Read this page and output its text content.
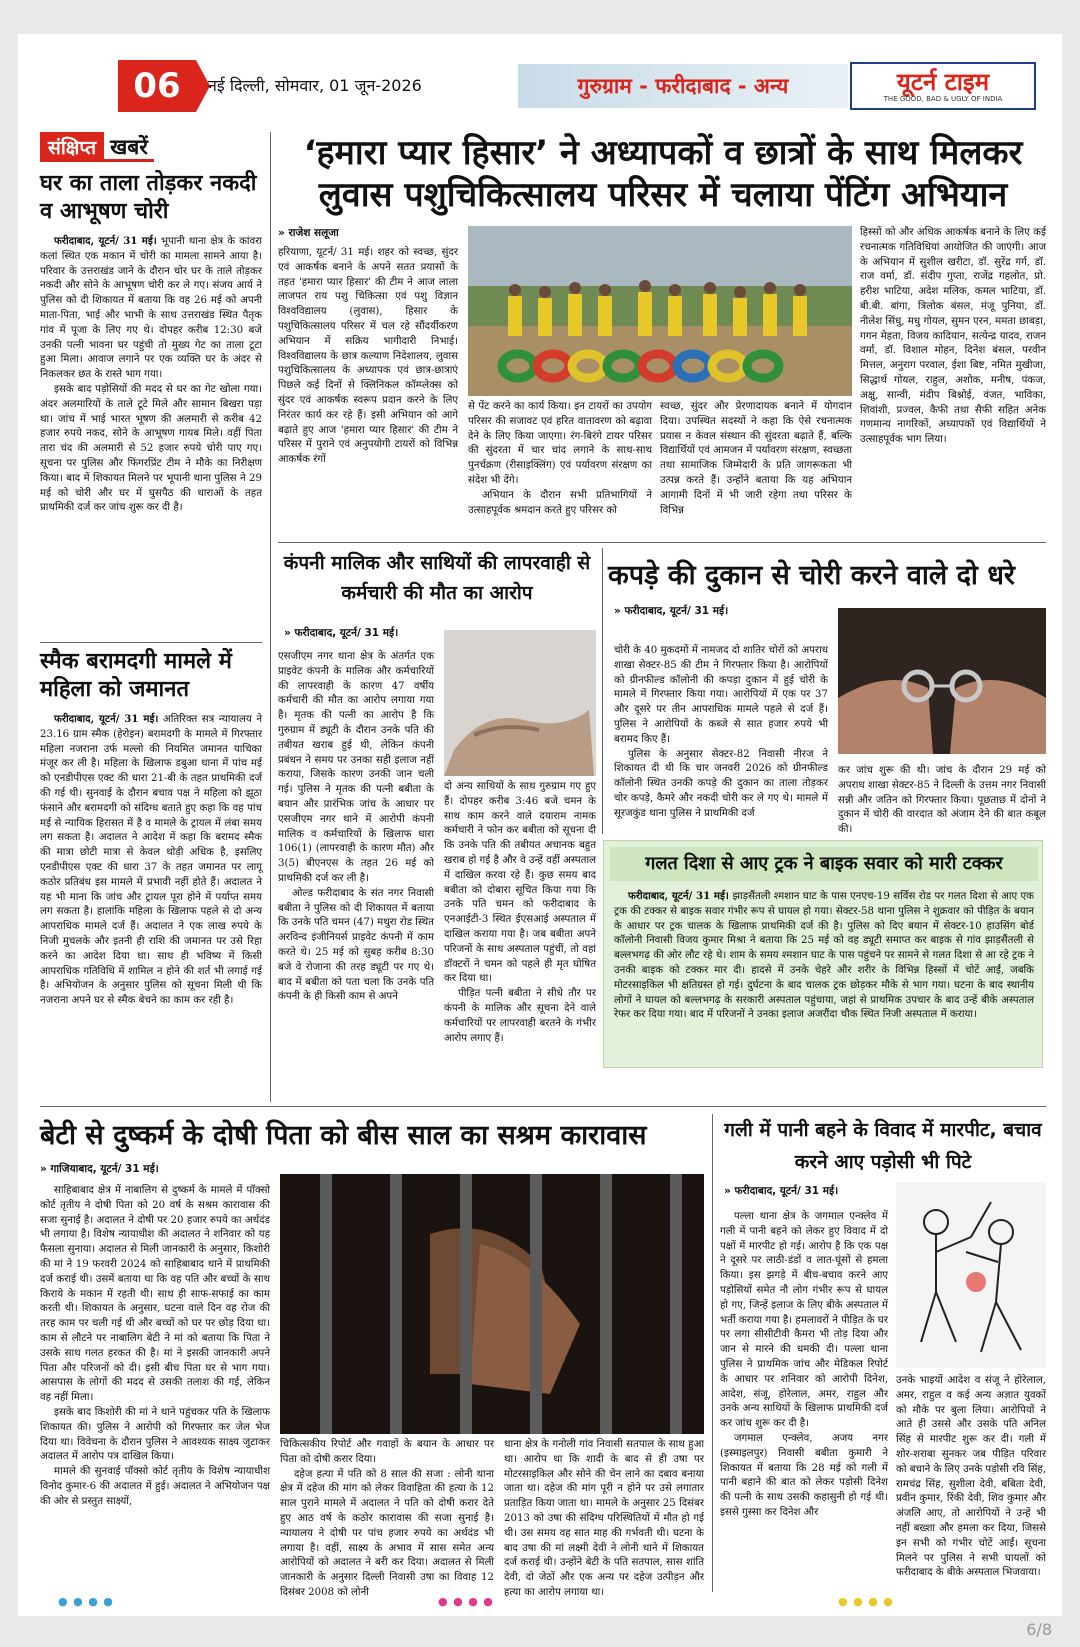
06	नई दिल्ली, सोमवार, 01 जून-2026	गुरुग्राम - फरीदाबाद - अन्य	यूटर्न टाइम
THE GOOD, BAD & UGLY OF INDIA
संक्षिप्त खबरें
घर का ताला तोड़कर नकदी व आभूषण चोरी

फरीदाबाद, यूटर्न/ 31 मई। भूपानी थाना क्षेत्र के कांवरा कलां स्थित एक मकान में चोरी का मामला सामने आया है। परिवार के उत्तराखंड जाने के दौरान चोर घर के ताले तोड़कर नकदी और सोने के आभूषण चोरी कर ले गए। संजय आर्य ने पुलिस को दी शिकायत में बताया कि वह 26 मई को अपनी माता-पिता, भाई और भाभी के साथ उत्तराखंड स्थित पैतृक गांव में पूजा के लिए गए थे। दोपहर करीब 12:30 बजे उनकी पत्नी भावना घर पहुंची तो मुख्य गेट का ताला टूटा हुआ मिला। आवाज लगाने पर एक व्यक्ति घर के अंदर से निकलकर छत के रास्ते भाग गया।

इसके बाद पड़ोसियों की मदद से घर का गेट खोला गया। अंदर अलमारियों के ताले टूटे मिले और सामान बिखरा पड़ा था। जांच में भाई भारत भूषण की अलमारी से करीब 42 हजार रुपये नकद, सोने के आभूषण गायब मिले। वहीं पिता तारा चंद की अलमारी से 52 हजार रुपये चोरी पाए गए। सूचना पर पुलिस और फिंगरप्रिंट टीम ने मौके का निरीक्षण किया। बाद में शिकायत मिलने पर भूपानी थाना पुलिस ने 29 मई को चोरी और घर में घुसपैठ की धाराओं के तहत प्राथमिकी दर्ज कर जांच शुरू कर दी है।

स्मैक बरामदगी मामले में महिला को जमानत

फरीदाबाद, यूटर्न/ 31 मई। अतिरिक्त सत्र न्यायालय ने 23.16 ग्राम स्मैक (हेरोइन) बरामदगी के मामले में गिरफ्तार महिला नजराना उर्फ मल्लो की नियमित जमानत याचिका मंजूर कर ली है। महिला के खिलाफ डबुआ थाना में पांच मई को एनडीपीएस एक्ट की धारा 21-बी के तहत प्राथमिकी दर्ज की गई थी। सुनवाई के दौरान बचाव पक्ष ने महिला को झूठा फंसाने और बरामदगी को संदिग्ध बताते हुए कहा कि वह पांच मई से न्यायिक हिरासत में है व मामले के ट्रायल में लंबा समय लग सकता है। अदालत ने आदेश में कहा कि बरामद स्मैक की मात्रा छोटी मात्रा से केवल थोड़ी अधिक है, इसलिए एनडीपीएस एक्ट की धारा 37 के तहत जमानत पर लागू कठोर प्रतिबंध इस मामले में प्रभावी नहीं होते हैं। अदालत ने यह भी माना कि जांच और ट्रायल पूरा होने में पर्याप्त समय लग सकता है। हालांकि महिला के खिलाफ पहले से दो अन्य आपराधिक मामले दर्ज हैं। अदालत ने एक लाख रुपये के निजी मुचलके और इतनी ही राशि की जमानत पर उसे रिहा करने का आदेश दिया था। साथ ही भविष्य में किसी आपराधिक गतिविधि में शामिल न होने की शर्त भी लगाई गई है। अभियोजन के अनुसार पुलिस को सूचना मिली थी कि नजराना अपने घर से स्मैक बेचने का काम कर रही है।

‘हमारा प्यार हिसार’ ने अध्यापकों व छात्रों के साथ मिलकर लुवास पशुचिकित्सालय परिसर में चलाया पेंटिंग अभियान
» राजेश सलूजा
हरियाणा, यूटर्न/ 31 मई। शहर को स्वच्छ, सुंदर एवं आकर्षक बनाने के अपने सतत प्रयासों के तहत 'हमारा प्यार हिसार' की टीम ने आज लाला लाजपत राय पशु चिकित्सा एवं पशु विज्ञान विश्वविद्यालय (लुवास), हिसार के पशुचिकित्सालय परिसर में चल रहे सौंदर्यीकरण अभियान में सक्रिय भागीदारी निभाई। विश्वविद्यालय के छात्र कल्याण निदेशालय, लुवास पशुचिकित्सालय के अध्यापक एवं छात्र-छात्राएं पिछले कई दिनों से क्लिनिकल कॉम्प्लेक्स को सुंदर एवं आकर्षक स्वरूप प्रदान करने के लिए निरंतर कार्य कर रहे हैं। इसी अभियान को आगे बढ़ाते हुए आज 'हमारा प्यार हिसार' की टीम ने परिसर में पुराने एवं अनुपयोगी टायरों को विभिन्न आकर्षक रंगों
से पेंट करने का कार्य किया। इन टायरों का उपयोग परिसर की सजावट एवं हरित वातावरण को बढ़ावा देने के लिए किया जाएगा। रंग-बिरंगे टायर परिसर की सुंदरता में चार चांद लगाने के साथ-साथ पुनर्चक्रण (रीसाइक्लिंग) एवं पर्यावरण संरक्षण का संदेश भी देंगे।

अभियान के दौरान सभी प्रतिभागियों ने उत्साहपूर्वक श्रमदान करते हुए परिसर को

स्वच्छ, सुंदर और प्रेरणादायक बनाने में योगदान दिया। उपस्थित सदस्यों ने कहा कि ऐसे रचनात्मक प्रयास न केवल संस्थान की सुंदरता बढ़ाते हैं, बल्कि विद्यार्थियों एवं आमजन में पर्यावरण संरक्षण, स्वच्छता तथा सामाजिक जिम्मेदारी के प्रति जागरूकता भी उत्पन्न करते हैं। उन्होंने बताया कि यह अभियान आगामी दिनों में भी जारी रहेगा तथा परिसर के विभिन्न
हिस्सों को और अधिक आकर्षक बनाने के लिए कई रचनात्मक गतिविधियां आयोजित की जाएंगी। आज के अभियान में सुशील खरीटा, डॉ. सुरेंद्र गर्ग, डॉ. राज वर्मा, डॉ. संदीप गुप्ता, राजेंद्र गहलोत, प्रो. हरीश भाटिया, अदेश मलिक, कमल भाटिया, डॉ. बी.बी. बांगा, त्रिलोक बंसल, मंजू पुनिया, डॉ. नीलेश सिंधु, मधु गोयल, सुमन एरन, ममता छाबड़ा, गगन मेहता, विजय कादियान, सत्येन्द्र यादव, राजन वर्मा, डॉ. विशाल मोहन, दिनेश बंसल, परवीन मित्तल, अनुराग परवाल, ईशा बिष्ट, नमित मुखीजा, सिद्धार्थ गोयल, राहुल, अशोक, मनीष, पंकज, अक्षु, सान्वी, मंदीप बिश्नोई, वंजत, भाविका, शिवांशी, प्रज्वल, कैफी तथा सैफी सहित अनेक गणमान्य नागरिकों, अध्यापकों एवं विद्यार्थियों ने उत्साहपूर्वक भाग लिया।
कंपनी मालिक और साथियों की लापरवाही से कर्मचारी की मौत का आरोप
» फरीदाबाद, यूटर्न/ 31 मई।
एसजीएम नगर थाना क्षेत्र के अंतर्गत एक प्राइवेट कंपनी के मालिक और कर्मचारियों की लापरवाही के कारण 47 वर्षीय कर्मचारी की मौत का आरोप लगाया गया है। मृतक की पत्नी का आरोप है कि गुरुग्राम में ड्यूटी के दौरान उनके पति की तबीयत खराब हुई थी, लेकिन कंपनी प्रबंधन ने समय पर उनका सही इलाज नहीं कराया, जिसके कारण उनकी जान चली गई। पुलिस ने मृतक की पत्नी बबीता के बयान और प्रारंभिक जांच के आधार पर एसजीएम नगर थाने में आरोपी कंपनी मालिक व कर्मचारियों के खिलाफ धारा 106(1) (लापरवाही के कारण मौत) और 3(5) बीएनएस के तहत 26 मई को प्राथमिकी दर्ज कर ली है।

ओल्ड फरीदाबाद के संत नगर निवासी बबीता ने पुलिस को दी शिकायत में बताया कि उनके पति चमन (47) मथुरा रोड स्थित अरविन्द इंजीनियर्स प्राइवेट कंपनी में काम करते थे। 25 मई को सुबह करीब 8:30 बजे वे रोजाना की तरह ड्यूटी पर गए थे। बाद में बबीता को पता चला कि उनके पति कंपनी के ही किसी काम से अपने

दो अन्य साथियों के साथ गुरुग्राम गए हुए हैं। दोपहर करीब 3:46 बजे चमन के साथ काम करने वाले दयाराम नामक कर्मचारी ने फोन कर बबीता को सूचना दी कि उनके पति की तबीयत अचानक बहुत खराब हो गई है और वे उन्हें वहीं अस्पताल में दाखिल करवा रहे हैं। कुछ समय बाद बबीता को दोबारा सूचित किया गया कि उनके पति चमन को फरीदाबाद के एनआईटी-3 स्थित ईएसआई अस्पताल में दाखिल कराया गया है। जब बबीता अपने परिजनों के साथ अस्पताल पहुंचीं, तो वहां डॉक्टरों ने चमन को पहले ही मृत घोषित कर दिया था।

पीड़ित पत्नी बबीता ने सीधे तौर पर कंपनी के मालिक और सूचना देने वाले कर्मचारियों पर लापरवाही बरतने के गंभीर आरोप लगाए हैं।

कपड़े की दुकान से चोरी करने वाले दो धरे
» फरीदाबाद, यूटर्न/ 31 मई।
चोरी के 40 मुकदमों में नामजद दो शातिर चोरों को अपराध शाखा सेक्टर-85 की टीम ने गिरफ्तार किया है। आरोपियों को ग्रीनफील्ड कॉलोनी की कपड़ा दुकान में हुई चोरी के मामले में गिरफ्तार किया गया। आरोपियों में एक पर 37 और दूसरे पर तीन आपराधिक मामले पहले से दर्ज हैं। पुलिस ने आरोपियों के कब्जे से सात हजार रुपये भी बरामद किए हैं।

पुलिस के अनुसार सेक्टर-82 निवासी नीरज ने शिकायत दी थी कि चार जनवरी 2026 को ग्रीनफील्ड कॉलोनी स्थित उनकी कपड़े की दुकान का ताला तोड़कर चोर कपड़े, कैमरे और नकदी चोरी कर ले गए थे। मामले में सूरजकुंड थाना पुलिस ने प्राथमिकी दर्ज

कर जांच शुरू की थी। जांच के दौरान 29 मई को अपराध शाखा सेक्टर-85 ने दिल्ली के उत्तम नगर निवासी सन्नी और जतिन को गिरफ्तार किया। पूछताछ में दोनों ने दुकान में चोरी की वारदात को अंजाम देने की बात कबूल की।
गलत दिशा से आए ट्रक ने बाइक सवार को मारी टक्कर

फरीदाबाद, यूटर्न/ 31 मई। झाड़सैंतली श्मशान घाट के पास एनएच-19 सर्विस रोड पर गलत दिशा से आए एक ट्रक की टक्कर से बाइक सवार गंभीर रूप से घायल हो गया। सेक्टर-58 थाना पुलिस ने शुक्रवार को पीड़ित के बयान के आधार पर ट्रक चालक के खिलाफ प्राथमिकी दर्ज की है। पुलिस को दिए बयान में सेक्टर-10 हाउसिंग बोर्ड कॉलोनी निवासी विजय कुमार मिश्रा ने बताया कि 25 मई को वह ड्यूटी समाप्त कर बाइक से गांव झाड़सैंतली से बल्लभगढ़ की ओर लौट रहे थे। शाम के समय श्मशान घाट के पास पहुंचने पर सामने से गलत दिशा से आ रहे ट्रक ने उनकी बाइक को टक्कर मार दी। हादसे में उनके चेहरे और शरीर के विभिन्न हिस्सों में चोटें आईं, जबकि मोटरसाइकिल भी क्षतिग्रस्त हो गई। दुर्घटना के बाद चालक ट्रक छोड़कर मौके से भाग गया। घटना के बाद स्थानीय लोगों ने घायल को बल्लभगढ़ के सरकारी अस्पताल पहुंचाया, जहां से प्राथमिक उपचार के बाद उन्हें बीके अस्पताल रेफर कर दिया गया। बाद में परिजनों ने उनका इलाज अजरौंदा चौक स्थित निजी अस्पताल में कराया।

बेटी से दुष्कर्म के दोषी पिता को बीस साल का सश्रम कारावास
» गाजियाबाद, यूटर्न/ 31 मई।

साहिबाबाद क्षेत्र में नाबालिग से दुष्कर्म के मामले में पॉक्सो कोर्ट तृतीय ने दोषी पिता को 20 वर्ष के सश्रम कारावास की सजा सुनाई है। अदालत ने दोषी पर 20 हजार रुपये का अर्थदंड भी लगाया है। विशेष न्यायाधीश की अदालत ने शनिवार को यह फैसला सुनाया। अदालत से मिली जानकारी के अनुसार, किशोरी की मां ने 19 फरवरी 2024 को साहिबाबाद थाने में प्राथमिकी दर्ज कराई थी। उसमें बताया था कि वह पति और बच्चों के साथ किराये के मकान में रहती थी। साथ ही साफ-सफाई का काम करती थी। शिकायत के अनुसार, घटना वाले दिन वह रोज की तरह काम पर चली गई थी और बच्चों को घर पर छोड़ दिया था। काम से लौटने पर नाबालिग बेटी ने मां को बताया कि पिता ने उसके साथ गलत हरकत की है। मां ने इसकी जानकारी अपने पिता और परिजनों को दी। इसी बीच पिता घर से भाग गया। आसपास के लोगों की मदद से उसकी तलाश की गई, लेकिन वह नहीं मिला।

इसके बाद किशोरी की मां ने थाने पहुंचकर पति के खिलाफ शिकायत की। पुलिस ने आरोपी को गिरफ्तार कर जेल भेज दिया था। विवेचना के दौरान पुलिस ने आवश्यक साक्ष्य जुटाकर अदालत में आरोप पत्र दाखिल किया।

मामले की सुनवाई पॉक्सो कोर्ट तृतीय के विशेष न्यायाधीश विनोद कुमार-6 की अदालत में हुई। अदालत ने अभियोजन पक्ष की ओर से प्रस्तुत साक्ष्यों,

चिकित्सकीय रिपोर्ट और गवाहों के बयान के आधार पर पिता को दोषी करार दिया।

दहेज हत्या में पति को 8 साल की सजा : लोनी थाना क्षेत्र में दहेज की मांग को लेकर विवाहिता की हत्या के 12 साल पुराने मामले में अदालत ने पति को दोषी करार देते हुए आठ वर्ष के कठोर कारावास की सजा सुनाई है। न्यायालय ने दोषी पर पांच हजार रुपये का अर्थदंड भी लगाया है। वहीं, साक्ष्य के अभाव में सास समेत अन्य आरोपियों को अदालत ने बरी कर दिया। अदालत से मिली जानकारी के अनुसार दिल्ली निवासी उषा का विवाह 12 दिसंबर 2008 को लोनी

थाना क्षेत्र के गनोली गांव निवासी सतपाल के साथ हुआ था। आरोप था कि शादी के बाद से ही उषा पर मोटरसाइकिल और सोने की चेन लाने का दबाव बनाया जाता था। दहेज की मांग पूरी न होने पर उसे लगातार प्रताड़ित किया जाता था। मामले के अनुसार 25 दिसंबर 2013 को उषा की संदिग्ध परिस्थितियों में मौत हो गई थी। उस समय वह सात माह की गर्भवती थी। घटना के बाद उषा की मां लक्ष्मी देवी ने लोनी थाने में शिकायत दर्ज कराई थी। उन्होंने बेटी के पति सतपाल, सास शांति देवी, दो जेठों और एक अन्य पर दहेज उत्पीड़न और हत्या का आरोप लगाया था।
गली में पानी बहने के विवाद में मारपीट, बचाव करने आए पड़ोसी भी पिटे
» फरीदाबाद, यूटर्न/ 31 मई।

पल्ला थाना क्षेत्र के जगमाल एन्क्लेव में गली में पानी बहने को लेकर हुए विवाद में दो पक्षों में मारपीट हो गई। आरोप है कि एक पक्ष ने दूसरे पर लाठी-डंडों व लात-घूंसों से हमला किया। इस झगड़े में बीच-बचाव करने आए पड़ोसियों समेत नौ लोग गंभीर रूप से घायल हो गए, जिन्हें इलाज के लिए बीके अस्पताल में भर्ती कराया गया है। हमलावरों ने पीड़ित के घर पर लगा सीसीटीवी कैमरा भी तोड़ दिया और जान से मारने की धमकी दी। पल्ला थाना पुलिस ने प्राथमिक जांच और मेडिकल रिपोर्ट के आधार पर शनिवार को आरोपी दिनेश, आदेश, संजू, होरेलाल, अमर, राहुल और उनके अन्य साथियों के खिलाफ प्राथमिकी दर्ज कर जांच शुरू कर दी है।

जगमाल एन्क्लेव, अजय नगर (इस्माइलपुर) निवासी बबीता कुमारी ने शिकायत में बताया कि 28 मई को गली में पानी बहाने की बात को लेकर पड़ोसी दिनेश की पत्नी के साथ उसकी कहासुनी हो गई थी। इससे गुस्सा कर दिनेश और

उनके भाइयों आदेश व संजू ने होरेलाल, अमर, राहुल व कई अन्य अज्ञात युवकों को मौके पर बुला लिया। आरोपियों ने आते ही उससे और उसके पति अनिल सिंह से मारपीट शुरू कर दी। गली में शोर-शराबा सुनकर जब पीड़ित परिवार को बचाने के लिए उनके पड़ोसी रवि सिंह, रामचंद्र सिंह, सुशीला देवी, बबिता देवी, प्रवीन कुमार, रिंकी देवी, शिव कुमार और अंजलि आए, तो आरोपियों ने उन्हें भी नहीं बख्शा और हमला कर दिया, जिससे इन सभी को गंभीर चोटें आईं। सूचना मिलने पर पुलिस ने सभी घायलों को फरीदाबाद के बीके अस्पताल भिजवाया।
● ● ● ●	● ● ● ●	● ● ● ●
6/8
